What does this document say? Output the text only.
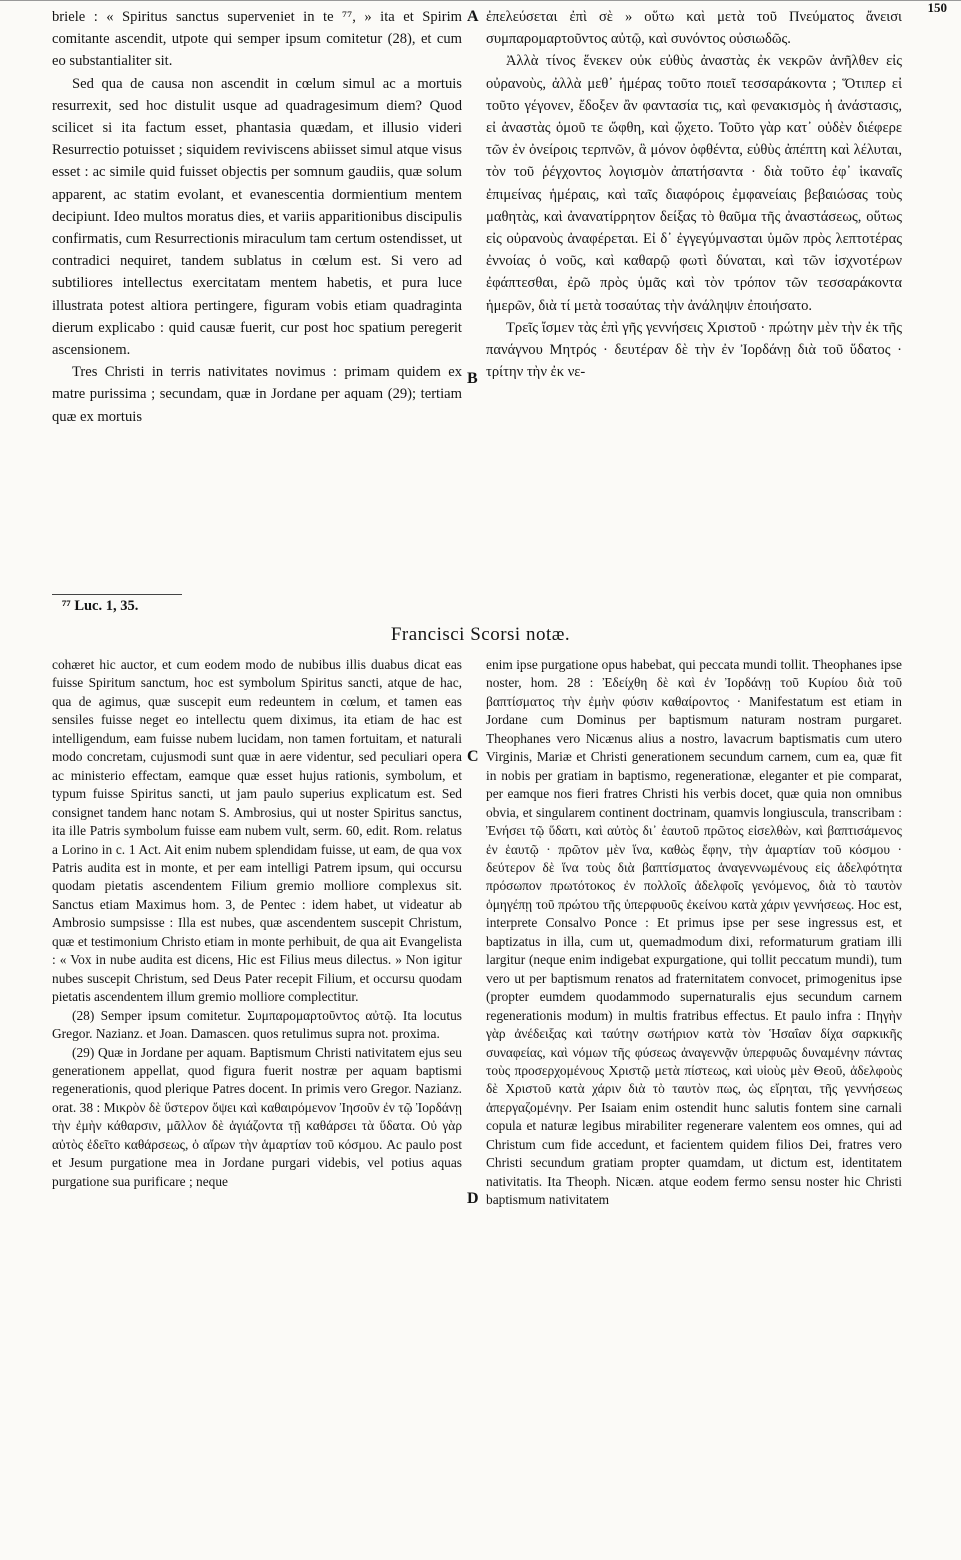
150

briele : « Spiritus sanctus superveniet in te ⁷⁷, » ita et Spirim comitante ascendit, utpote qui semper ipsum comitetur (28), et cum eo substantialiter sit.

Sed qua de causa non ascendit in cœlum simul ac a mortuis resurrexit, sed hoc distulit usque ad quadragesimum diem? Quod scilicet si ita factum esset, phantasia quædam, et illusio videri Resurrectio potuisset ; siquidem reviviscens abiisset simul atque visus esset : ac simile quid fuisset objectis per somnum gaudiis, quæ solum apparent, ac statim evolant, et evanescentia dormientium mentem decipiunt. Ideo multos moratus dies, et variis apparitionibus discipulis confirmatis, cum Resurrectionis miraculum tam certum ostendisset, ut contradici nequiret, tandem sublatus in cœlum est. Si vero ad subtiliores intellectus exercitatam mentem habetis, et pura luce illustrata potest altiora pertingere, figuram vobis etiam quadraginta dierum explicabo : quid causæ fuerit, cur post hoc spatium peregerit ascensionem.

Tres Christi in terris nativitates novimus : primam quidem ex matre purissima ; secundam, quæ in Jordane per aquam (29); tertiam quæ ex mortuis

ἐπελεύσεται ἐπὶ σὲ » οὕτω καὶ μετὰ τοῦ Πνεύματος ἄνεισι συμπαρομαρτοῦντος αὐτῷ, καὶ συνόντος οὐσιωδῶς.

Ἀλλὰ τίνος ἕνεκεν οὐκ εὐθὺς ἀναστὰς ἐκ νεκρῶν ἀνῆλθεν εἰς οὐρανοὺς, ἀλλὰ μεθ᾽ ἡμέρας τοῦτο ποιεῖ τεσσαράκοντα ; Ὅτιπερ εἰ τοῦτο γέγονεν, ἔδοξεν ἂν φαντασία τις, καὶ φενακισμὸς ἡ ἀνάστασις, εἰ ἀναστὰς ὁμοῦ τε ὤφθη, καὶ ᾤχετο. Τοῦτο γὰρ κατ᾽ οὐδὲν διέφερε τῶν ἐν ὀνείροις τερπνῶν, ἃ μόνον ὀφθέντα, εὐθὺς ἀπέπτη καὶ λέλυται, τὸν τοῦ ῥέγχοντος λογισμὸν ἀπατήσαντα · διὰ τοῦτο ἐφ᾽ ἱκαναῖς ἐπιμείνας ἡμέραις, καὶ ταῖς διαφόροις ἐμφανείαις βεβαιώσας τοὺς μαθητὰς, καὶ ἀνανατίρρητον δείξας τὸ θαῦμα τῆς ἀναστάσεως, οὕτως εἰς οὐρανοὺς ἀναφέρεται. Εἰ δ᾽ ἐγγεγύμνασται ὑμῶν πρὸς λεπτοτέρας ἐννοίας ὁ νοῦς, καὶ καθαρῷ φωτὶ δύναται, καὶ τῶν ἰσχνοτέρων ἐφάπτεσθαι, ἐρῶ πρὸς ὑμᾶς καὶ τὸν τρόπον τῶν τεσσαράκοντα ἡμερῶν, διὰ τί μετὰ τοσαύτας τὴν ἀνάληψιν ἐποιήσατο.

Τρεῖς ἴσμεν τὰς ἐπὶ γῆς γεννήσεις Χριστοῦ · πρώτην μὲν τὴν ἐκ τῆς πανάγνου Μητρός · δευτέραν δὲ τὴν ἐν Ἰορδάνῃ διὰ τοῦ ὕδατος · τρίτην τὴν ἐκ νε-

A
B
C
D
⁷⁷ Luc. 1, 35.
Francisci Scorsi notæ.

cohæret hic auctor, et cum eodem modo de nubibus illis duabus dicat eas fuisse Spiritum sanctum, hoc est symbolum Spiritus sancti, atque de hac, qua de agimus, quæ suscepit eum redeuntem in cœlum, et tamen eas sensiles fuisse neget eo intellectu quem diximus, ita etiam de hac est intelligendum, eam fuisse nubem lucidam, non tamen fortuitam, et naturali modo concretam, cujusmodi sunt quæ in aere videntur, sed peculiari opera ac ministerio effectam, eamque quæ esset hujus rationis, symbolum, et typum fuisse Spiritus sancti, ut jam paulo superius explicatum est. Sed consignet tandem hanc notam S. Ambrosius, qui ut noster Spiritus sanctus, ita ille Patris symbolum fuisse eam nubem vult, serm. 60, edit. Rom. relatus a Lorino in c. 1 Act. Ait enim nubem splendidam fuisse, ut eam, de qua vox Patris audita est in monte, et per eam intelligi Patrem ipsum, qui occursu quodam pietatis ascendentem Filium gremio molliore complexus sit. Sanctus etiam Maximus hom. 3, de Pentec : idem habet, ut videatur ab Ambrosio sumpsisse : Illa est nubes, quæ ascendentem suscepit Christum, quæ et testimonium Christo etiam in monte perhibuit, de qua ait Evangelista : « Vox in nube audita est dicens, Hic est Filius meus dilectus. » Non igitur nubes suscepit Christum, sed Deus Pater recepit Filium, et occursu quodam pietatis ascendentem illum gremio molliore complectitur.

(28) Semper ipsum comitetur. Συμπαρομαρτοῦντος αὐτῷ. Ita locutus Gregor. Nazianz. et Joan. Damascen. quos retulimus supra not. proxima.

(29) Quæ in Jordane per aquam. Baptismum Christi nativitatem ejus seu generationem appellat, quod figura fuerit nostræ per aquam baptismi regenerationis, quod plerique Patres docent. In primis vero Gregor. Nazianz. orat. 38 : Μικρὸν δὲ ὕστερον ὄψει καὶ καθαιρόμενον Ἰησοῦν ἐν τῷ Ἰορδάνῃ τὴν ἐμὴν κάθαρσιν, μᾶλλον δὲ ἁγιάζοντα τῇ καθάρσει τὰ ὕδατα. Οὐ γὰρ αὐτὸς ἐδεῖτο καθάρσεως, ὁ αἴρων τὴν ἁμαρτίαν τοῦ κόσμου. Ac paulo post et Jesum purgatione mea in Jordane purgari videbis, vel potius aquas purgatione sua purificare ; neque

enim ipse purgatione opus habebat, qui peccata mundi tollit. Theophanes ipse noster, hom. 28 : Ἐδείχθη δὲ καὶ ἐν Ἰορδάνῃ τοῦ Κυρίου διὰ τοῦ βαπτίσματος τὴν ἐμὴν φύσιν καθαίροντος · Manifestatum est etiam in Jordane cum Dominus per baptismum naturam nostram purgaret. Theophanes vero Nicænus alius a nostro, lavacrum baptismatis cum utero Virginis, Mariæ et Christi generationem secundum carnem, cum ea, quæ fit in nobis per gratiam in baptismo, regenerationæ, eleganter et pie comparat, per eamque nos fieri fratres Christi his verbis docet, quæ quia non omnibus obvia, et singularem continent doctrinam, quamvis longiuscula, transcribam : Ἐνήσει τῷ ὕδατι, καὶ αὐτὸς δι᾽ ἑαυτοῦ πρῶτος εἰσελθὼν, καὶ βαπτισάμενος ἐν ἑαυτῷ · πρῶτον μὲν ἵνα, καθὼς ἔφην, τὴν ἁμαρτίαν τοῦ κόσμου · δεύτερον δὲ ἵνα τοὺς διὰ βαπτίσματος ἀναγεννωμένους εἰς ἀδελφότητα πρόσωπον πρωτότοκος ἐν πολλοῖς ἀδελφοῖς γενόμενος, διὰ τὸ ταυτὸν ὁμηγέπῃ τοῦ πρώτου τῆς ὑπερφυοῦς ἐκείνου κατὰ χάριν γεννήσεως. Hoc est, interprete Consalvo Ponce : Et primus ipse per sese ingressus est, et baptizatus in illa, cum ut, quemadmodum dixi, reformaturum gratiam illi largitur (neque enim indigebat expurgatione, qui tollit peccatum mundi), tum vero ut per baptismum renatos ad fraternitatem convocet, primogenitus ipse (propter eumdem quodammodo supernaturalis ejus secundum carnem regenerationis modum) in multis fratribus effectus. Et paulo infra : Πηγὴν γὰρ ἀνέδειξας καὶ ταύτην σωτήριον κατὰ τὸν Ἡσαΐαν δίχα σαρκικῆς συναφείας, καὶ νόμων τῆς φύσεως ἀναγεννᾷν ὑπερφυῶς δυναμένην πάντας τοὺς προσερχομένους Χριστῷ μετὰ πίστεως, καὶ υἱοὺς μὲν Θεοῦ, ἀδελφοὺς δὲ Χριστοῦ κατὰ χάριν διὰ τὸ ταυτὸν πως, ὡς εἴρηται, τῆς γεννήσεως ἀπεργαζομένην. Per Isaiam enim ostendit hunc salutis fontem sine carnali copula et naturæ legibus mirabiliter regenerare valentem eos omnes, qui ad Christum cum fide accedunt, et facientem quidem filios Dei, fratres vero Christi secundum gratiam propter quamdam, ut dictum est, identitatem nativitatis. Ita Theoph. Nicæn. atque eodem fermo sensu noster hic Christi baptismum nativitatem
